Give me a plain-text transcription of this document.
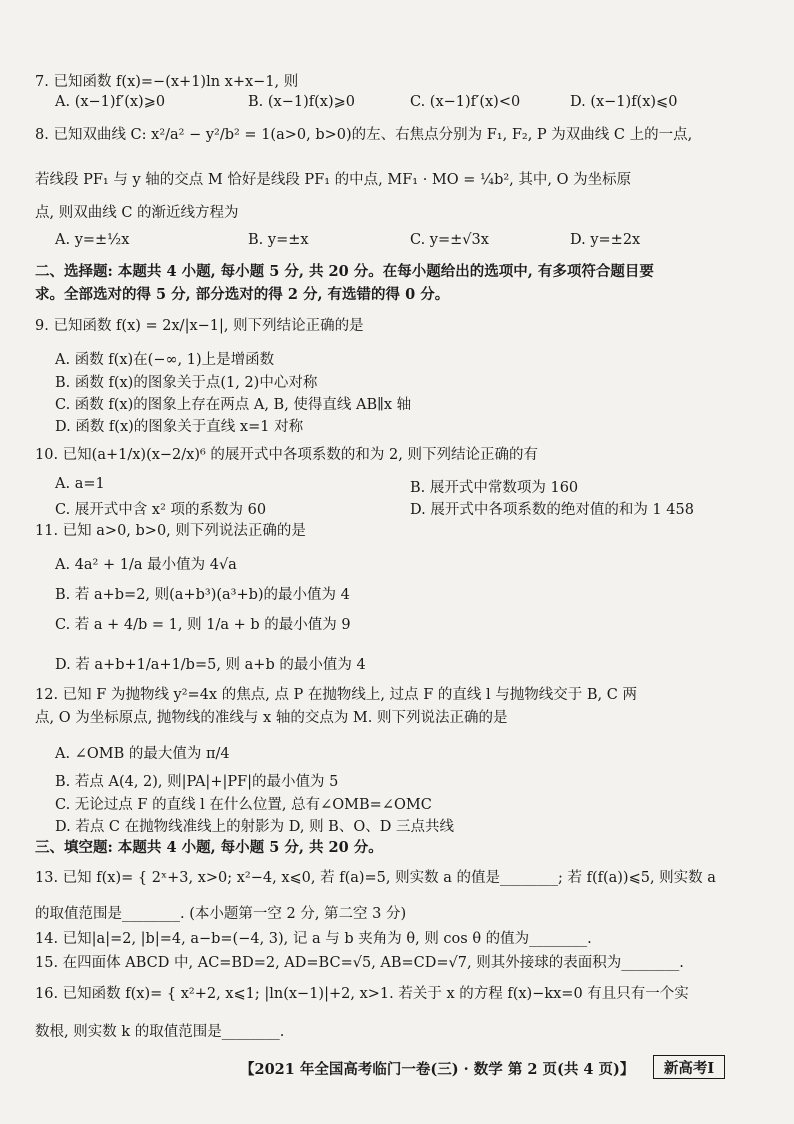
7. 已知函数 f(x)=−(x+1)ln x+x−1, 则
A. (x−1)f′(x)⩾0	B. (x−1)f(x)⩾0	C. (x−1)f′(x)<0	D. (x−1)f(x)⩽0
8. 已知双曲线 C: x²/a² − y²/b² = 1(a>0, b>0)的左、右焦点分别为 F₁, F₂, P 为双曲线 C 上的一点,
若线段 PF₁ 与 y 轴的交点 M 恰好是线段 PF₁ 的中点, MF₁ · MO = ¼b², 其中, O 为坐标原
点, 则双曲线 C 的渐近线方程为
A. y=±½x	B. y=±x	C. y=±√3x	D. y=±2x
二、选择题: 本题共 4 小题, 每小题 5 分, 共 20 分。在每小题给出的选项中, 有多项符合题目要
求。全部选对的得 5 分, 部分选对的得 2 分, 有选错的得 0 分。
9. 已知函数 f(x) = 2x/|x−1|, 则下列结论正确的是
A. 函数 f(x)在(−∞, 1)上是增函数
B. 函数 f(x)的图象关于点(1, 2)中心对称
C. 函数 f(x)的图象上存在两点 A, B, 使得直线 AB∥x 轴
D. 函数 f(x)的图象关于直线 x=1 对称
10. 已知(a+1/x)(x−2/x)⁶ 的展开式中各项系数的和为 2, 则下列结论正确的有
A. a=1	B. 展开式中常数项为 160
C. 展开式中含 x² 项的系数为 60	D. 展开式中各项系数的绝对值的和为 1 458
11. 已知 a>0, b>0, 则下列说法正确的是
A. 4a² + 1/a 最小值为 4√a
B. 若 a+b=2, 则(a+b³)(a³+b)的最小值为 4
C. 若 a + 4/b = 1, 则 1/a + b 的最小值为 9
D. 若 a+b+1/a+1/b=5, 则 a+b 的最小值为 4
12. 已知 F 为抛物线 y²=4x 的焦点, 点 P 在抛物线上, 过点 F 的直线 l 与抛物线交于 B, C 两
点, O 为坐标原点, 抛物线的准线与 x 轴的交点为 M. 则下列说法正确的是
A. ∠OMB 的最大值为 π/4
B. 若点 A(4, 2), 则|PA|+|PF|的最小值为 5
C. 无论过点 F 的直线 l 在什么位置, 总有∠OMB=∠OMC
D. 若点 C 在抛物线准线上的射影为 D, 则 B、O、D 三点共线
三、填空题: 本题共 4 小题, 每小题 5 分, 共 20 分。
13. 已知 f(x)= { 2ˣ+3, x>0; x²−4, x⩽0, 若 f(a)=5, 则实数 a 的值是________; 若 f(f(a))⩽5, 则实数 a
的取值范围是________. (本小题第一空 2 分, 第二空 3 分)
14. 已知|a|=2, |b|=4, a−b=(−4, 3), 记 a 与 b 夹角为 θ, 则 cos θ 的值为________.
15. 在四面体 ABCD 中, AC=BD=2, AD=BC=√5, AB=CD=√7, 则其外接球的表面积为________.
16. 已知函数 f(x)= { x²+2, x⩽1; |ln(x−1)|+2, x>1. 若关于 x 的方程 f(x)−kx=0 有且只有一个实
数根, 则实数 k 的取值范围是________.
【2021 年全国高考临门一卷(三) · 数学 第 2 页(共 4 页)】	新高考Ⅰ
